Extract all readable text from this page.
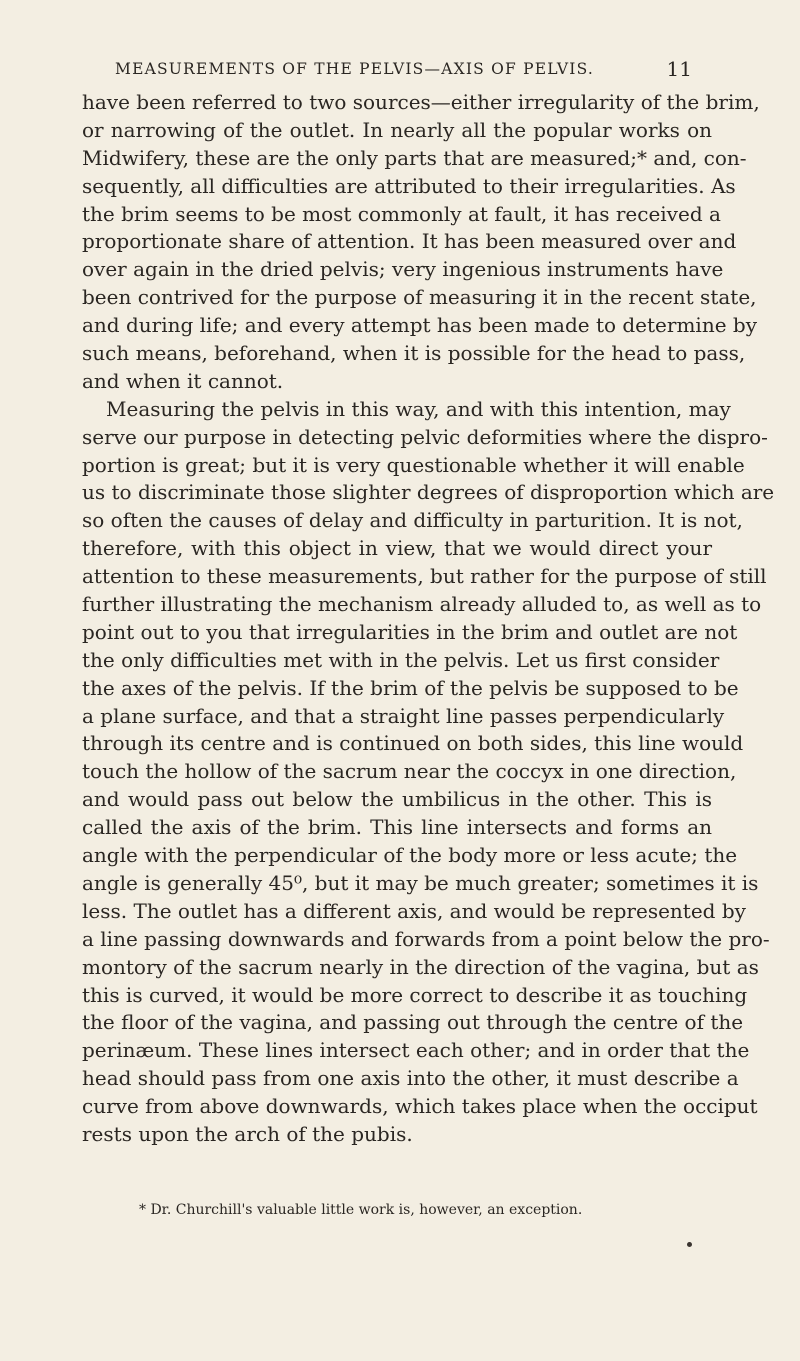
MEASUREMENTS OF THE PELVIS—AXIS OF PELVIS.	11
have been referred to two sources—either irregularity of the brim,
or narrowing of the outlet. In nearly all the popular works on
Midwifery, these are the only parts that are measured;* and, con-
sequently, all difficulties are attributed to their irregularities. As
the brim seems to be most commonly at fault, it has received a
proportionate share of attention. It has been measured over and
over again in the dried pelvis; very ingenious instruments have
been contrived for the purpose of measuring it in the recent state,
and during life; and every attempt has been made to determine by
such means, beforehand, when it is possible for the head to pass,
and when it cannot.
Measuring the pelvis in this way, and with this intention, may
serve our purpose in detecting pelvic deformities where the dispro-
portion is great; but it is very questionable whether it will enable
us to discriminate those slighter degrees of disproportion which are
so often the causes of delay and difficulty in parturition. It is not,
therefore, with this object in view, that we would direct your
attention to these measurements, but rather for the purpose of still
further illustrating the mechanism already alluded to, as well as to
point out to you that irregularities in the brim and outlet are not
the only difficulties met with in the pelvis. Let us first consider
the axes of the pelvis. If the brim of the pelvis be supposed to be
a plane surface, and that a straight line passes perpendicularly
through its centre and is continued on both sides, this line would
touch the hollow of the sacrum near the coccyx in one direction,
and would pass out below the umbilicus in the other. This is
called the axis of the brim. This line intersects and forms an
angle with the perpendicular of the body more or less acute; the
angle is generally 45⁰, but it may be much greater; sometimes it is
less. The outlet has a different axis, and would be represented by
a line passing downwards and forwards from a point below the pro-
montory of the sacrum nearly in the direction of the vagina, but as
this is curved, it would be more correct to describe it as touching
the floor of the vagina, and passing out through the centre of the
perinæum. These lines intersect each other; and in order that the
head should pass from one axis into the other, it must describe a
curve from above downwards, which takes place when the occiput
rests upon the arch of the pubis.
* Dr. Churchill's valuable little work is, however, an exception.
